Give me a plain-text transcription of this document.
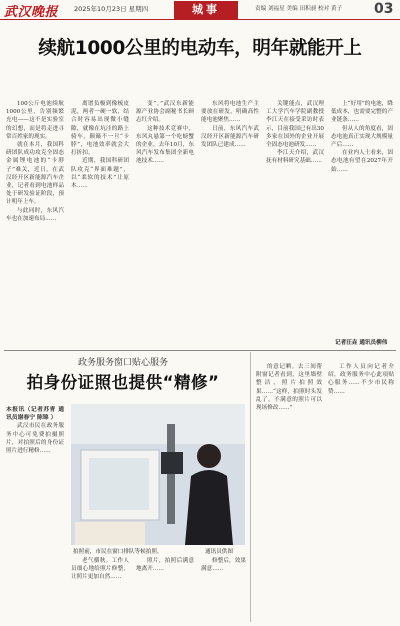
武汉晚报 2025年10月23日 星期四	城事	责编 刘福星 美编 田积昶 校对 黄子 03
续航1000公里的电动车，明年就能开上

100公斤电池续航1000公里，告别频繁充电——这不是实验室的幻想，而是将走进寻常百姓家的现实。

就在本月，我国科研团队成功攻克全固态金属锂电池的“卡脖子”难关，近日，在武汉经开区新能源汽车企业，记者看到电池样品处于研发验证阶段，预计明年上车。

与此同时，东风汽车也在加速布局……

离谱负极到像梳皮泥，两者一硬一软，结合时容易出现微小缝隙，就像在坑洼的路上骑车，颠簸不一旦“卡脖”，电池效率就会大打折扣。

近期，我国科研团队攻克“界面难题”，以“柔软的技术”让原本……

变”。”武汉东新能源产业协会副秘书长顾志红介绍。

这种技术竞赛中，东风丸悬第一个吃螃蟹的企业。去年10月，东风汽车发布集团全新电池技术……

东风将电池生产主要放在研发，明确高性能电池聚焦……

日前，东风汽车武汉经开区新能源汽车研发团队已建成……

关键能点，武汉理工大学汽车学院副教授李江天在接受采访时表示，目前我国已有出30多家在国外的企业开展全固态电池研发……

李江天介绍，武汉抚有材料研究基础……

上“好用”的电池，降低成本，也需要完整的产业链条……

但从人的角度看，固态电池真正实现大规模量产后……

在业内人士看来，固态电池有望在2027年开始……

记者汪垚 通讯员柳伟
政务服务窗口贴心服务
拍身份证照也提供“精修”
本报讯（记者苏青 通讯员谢春宁 陈锦 ）

武汉市民在政务服务中心可免费拍摄照片，对拍照后的身份证照片进行精修……

拍照前，市民在窗口排队等候拍照。	通讯员供图

老气横秋。工作人员细心地给照片修整，让照片更加自然……

照片，拍照后满意地离开……

修整后，效果满意……

的意记晒。去三间帮附窗记者看到，这里墙壁整洁，照片拍照效果……“这样，拍照时头发乱了，不满意的照片可以现场修改……”

工作人员向记者介绍，政务服务中心此项贴心服务……不少市民称赞……
